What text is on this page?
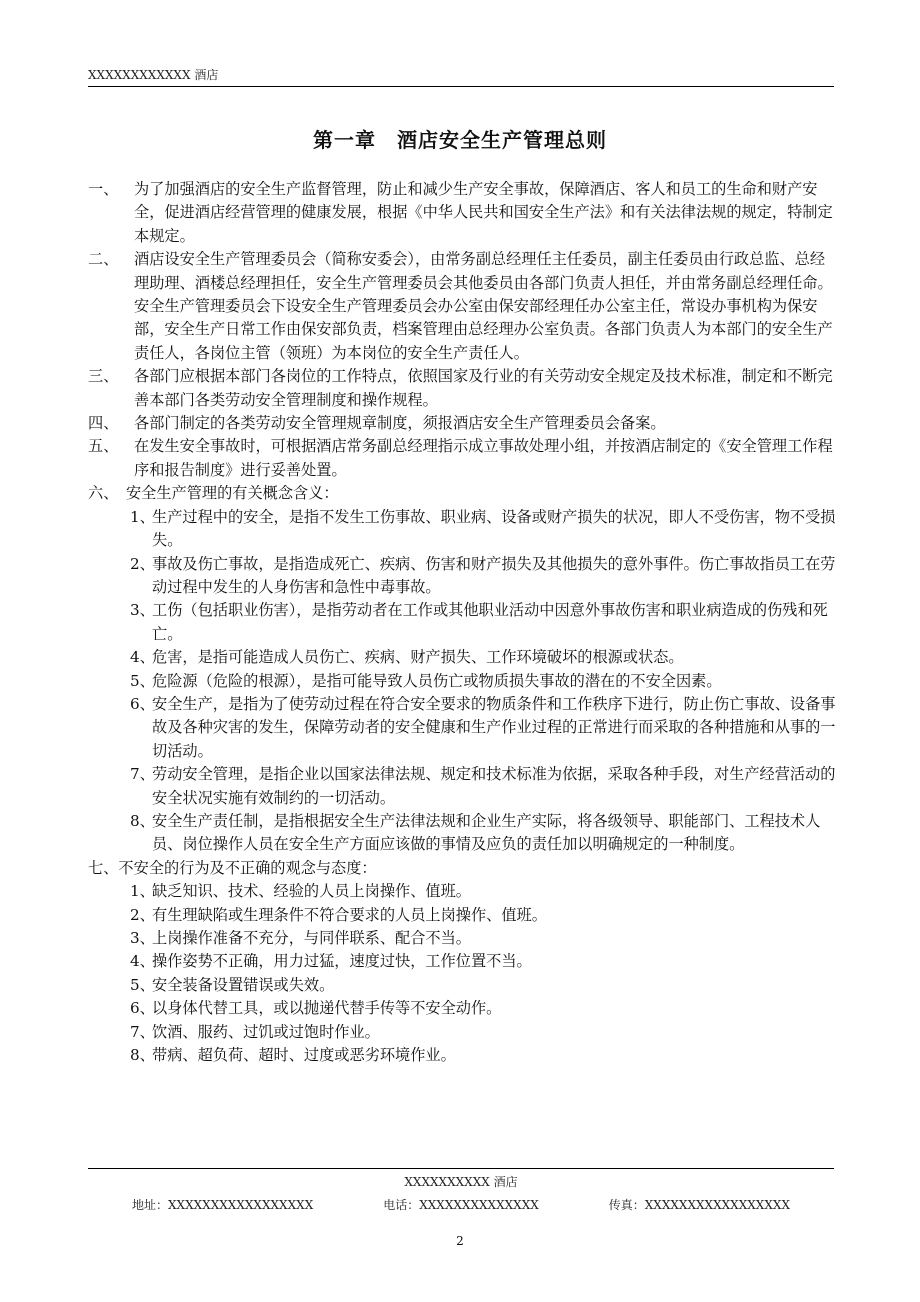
XXXXXXXXXXXX 酒店
第一章　酒店安全生产管理总则
一、	为了加强酒店的安全生产监督管理，防止和减少生产安全事故，保障酒店、客人和员工的生命和财产安全，促进酒店经营管理的健康发展，根据《中华人民共和国安全生产法》和有关法律法规的规定，特制定本规定。
二、	酒店设安全生产管理委员会（简称安委会），由常务副总经理任主任委员，副主任委员由行政总监、总经理助理、酒楼总经理担任，安全生产管理委员会其他委员由各部门负责人担任，并由常务副总经理任命。安全生产管理委员会下设安全生产管理委员会办公室由保安部经理任办公室主任，常设办事机构为保安部，安全生产日常工作由保安部负责，档案管理由总经理办公室负责。各部门负责人为本部门的安全生产责任人，各岗位主管（领班）为本岗位的安全生产责任人。
三、	各部门应根据本部门各岗位的工作特点，依照国家及行业的有关劳动安全规定及技术标准，制定和不断完善本部门各类劳动安全管理制度和操作规程。
四、	各部门制定的各类劳动安全管理规章制度，须报酒店安全生产管理委员会备案。
五、	在发生安全事故时，可根据酒店常务副总经理指示成立事故处理小组，并按酒店制定的《安全管理工作程序和报告制度》进行妥善处置。
六、　安全生产管理的有关概念含义：
1、
生产过程中的安全，是指不发生工伤事故、职业病、设备或财产损失的状况，即人不受伤害，物不受损失。
2、
事故及伤亡事故，是指造成死亡、疾病、伤害和财产损失及其他损失的意外事件。伤亡事故指员工在劳动过程中发生的人身伤害和急性中毒事故。
3、
工伤（包括职业伤害），是指劳动者在工作或其他职业活动中因意外事故伤害和职业病造成的伤残和死亡。
4、
危害，是指可能造成人员伤亡、疾病、财产损失、工作环境破坏的根源或状态。
5、
危险源（危险的根源），是指可能导致人员伤亡或物质损失事故的潜在的不安全因素。
6、
安全生产，是指为了使劳动过程在符合安全要求的物质条件和工作秩序下进行，防止伤亡事故、设备事故及各种灾害的发生，保障劳动者的安全健康和生产作业过程的正常进行而采取的各种措施和从事的一切活动。
7、
劳动安全管理，是指企业以国家法律法规、规定和技术标准为依据，采取各种手段，对生产经营活动的安全状况实施有效制约的一切活动。
8、
安全生产责任制，是指根据安全生产法律法规和企业生产实际，将各级领导、职能部门、工程技术人员、岗位操作人员在安全生产方面应该做的事情及应负的责任加以明确规定的一种制度。
七、不安全的行为及不正确的观念与态度：
1、
缺乏知识、技术、经验的人员上岗操作、值班。
2、
有生理缺陷或生理条件不符合要求的人员上岗操作、值班。
3、
上岗操作准备不充分，与同伴联系、配合不当。
4、
操作姿势不正确，用力过猛，速度过快，工作位置不当。
5、
安全装备设置错误或失效。
6、
以身体代替工具，或以抛递代替手传等不安全动作。
7、
饮酒、服药、过饥或过饱时作业。
8、
带病、超负荷、超时、过度或恶劣环境作业。
XXXXXXXXXX 酒店
地址：XXXXXXXXXXXXXXXXX	电话：XXXXXXXXXXXXXX	传真：XXXXXXXXXXXXXXXXX
2
